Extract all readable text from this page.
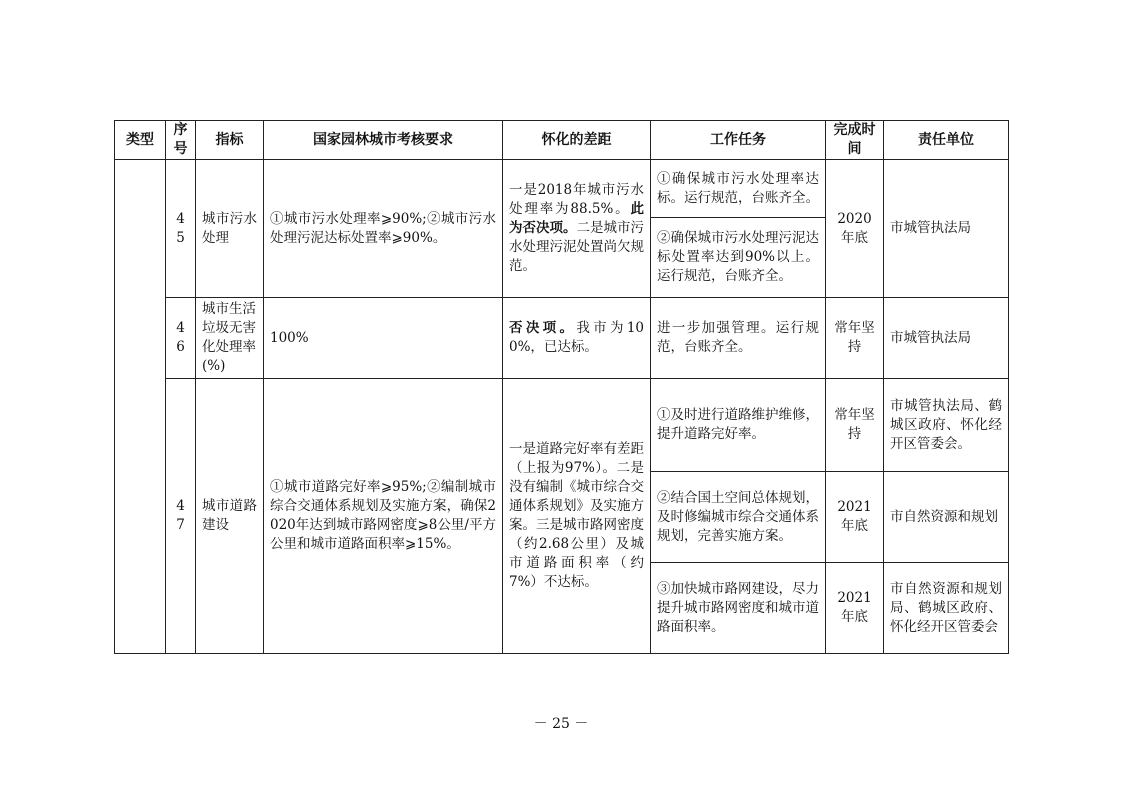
类型	序号	指标	国家园林城市考核要求	怀化的差距	工作任务	完成时间	责任单位
	45	城市污水处理	①城市污水处理率⩾90%;②城市污水处理污泥达标处置率⩾90%。	一是2018年城市污水处理率为88.5%。此为否决项。二是城市污水处理污泥处置尚欠规范。	①确保城市污水处理率达标。运行规范，台账齐全。	2020年底	市城管执法局
					②确保城市污水处理污泥达标处置率达到90%以上。运行规范，台账齐全。		
	46	城市生活垃圾无害化处理率(%)	100%	否决项。我市为100%，已达标。	进一步加强管理。运行规范，台账齐全。	常年坚持	市城管执法局
	47	城市道路建设	①城市道路完好率⩾95%;②编制城市综合交通体系规划及实施方案，确保2020年达到城市路网密度⩾8公里/平方公里和城市道路面积率⩾15%。	一是道路完好率有差距（上报为97%）。二是没有编制《城市综合交通体系规划》及实施方案。三是城市路网密度（约2.68公里）及城市道路面积率（约7%）不达标。	①及时进行道路维护维修，提升道路完好率。	常年坚持	市城管执法局、鹤城区政府、怀化经开区管委会。
					②结合国土空间总体规划，及时修编城市综合交通体系规划，完善实施方案。	2021年底	市自然资源和规划
					③加快城市路网建设，尽力提升城市路网密度和城市道路面积率。	2021年底	市自然资源和规划局、鹤城区政府、怀化经开区管委会
－ 25 －
